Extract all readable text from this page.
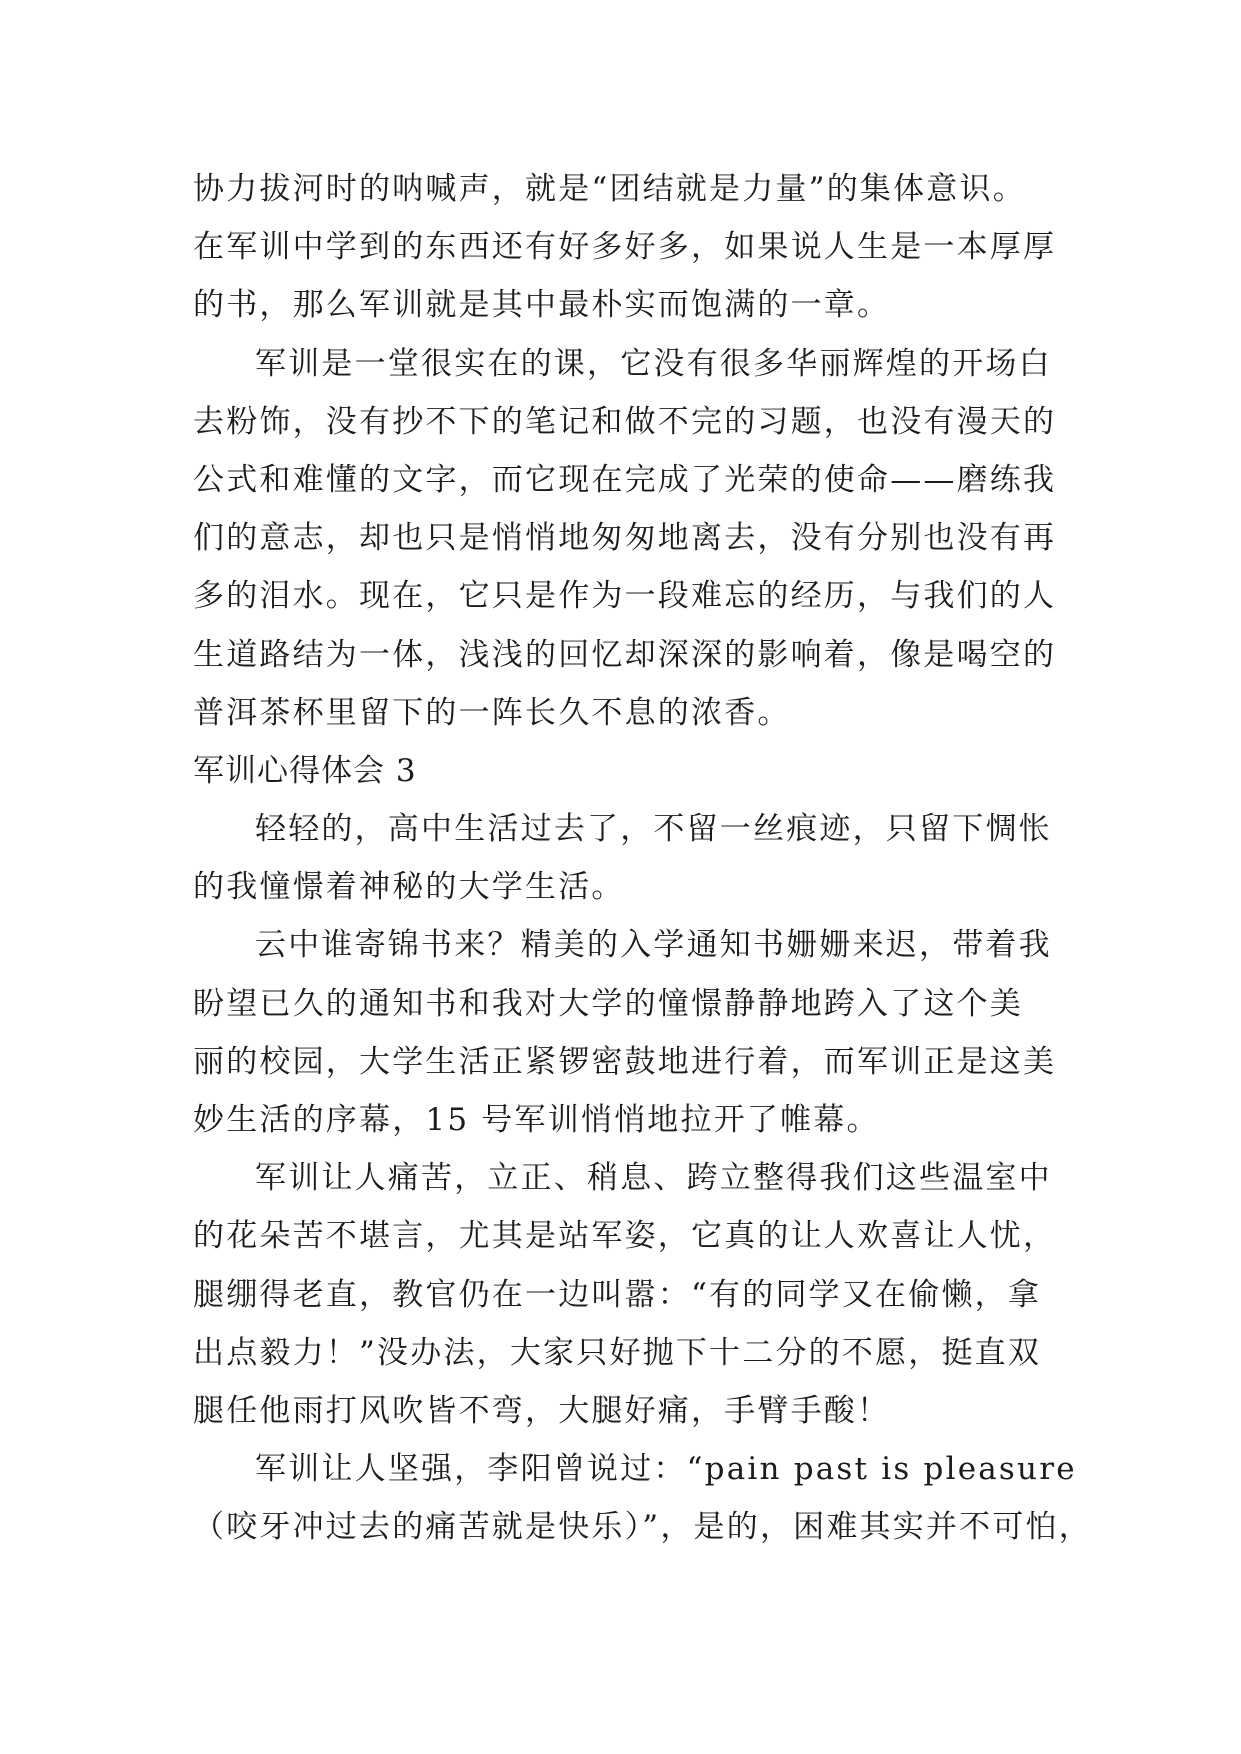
协力拔河时的呐喊声，就是“团结就是力量”的集体意识。

在军训中学到的东西还有好多好多，如果说人生是一本厚厚

的书，那么军训就是其中最朴实而饱满的一章。

军训是一堂很实在的课，它没有很多华丽辉煌的开场白

去粉饰，没有抄不下的笔记和做不完的习题，也没有漫天的

公式和难懂的文字，而它现在完成了光荣的使命——磨练我

们的意志，却也只是悄悄地匆匆地离去，没有分别也没有再

多的泪水。现在，它只是作为一段难忘的经历，与我们的人

生道路结为一体，浅浅的回忆却深深的影响着，像是喝空的

普洱茶杯里留下的一阵长久不息的浓香。

军训心得体会 3

轻轻的，高中生活过去了，不留一丝痕迹，只留下惆怅

的我憧憬着神秘的大学生活。

云中谁寄锦书来？精美的入学通知书姗姗来迟，带着我

盼望已久的通知书和我对大学的憧憬静静地跨入了这个美

丽的校园，大学生活正紧锣密鼓地进行着，而军训正是这美

妙生活的序幕，15 号军训悄悄地拉开了帷幕。

军训让人痛苦，立正、稍息、跨立整得我们这些温室中

的花朵苦不堪言，尤其是站军姿，它真的让人欢喜让人忧，

腿绷得老直，教官仍在一边叫嚣：“有的同学又在偷懒，拿

出点毅力！”没办法，大家只好抛下十二分的不愿，挺直双

腿任他雨打风吹皆不弯，大腿好痛，手臂手酸！

军训让人坚强，李阳曾说过：“pain past is pleasure

（咬牙冲过去的痛苦就是快乐）”，是的，困难其实并不可怕，
